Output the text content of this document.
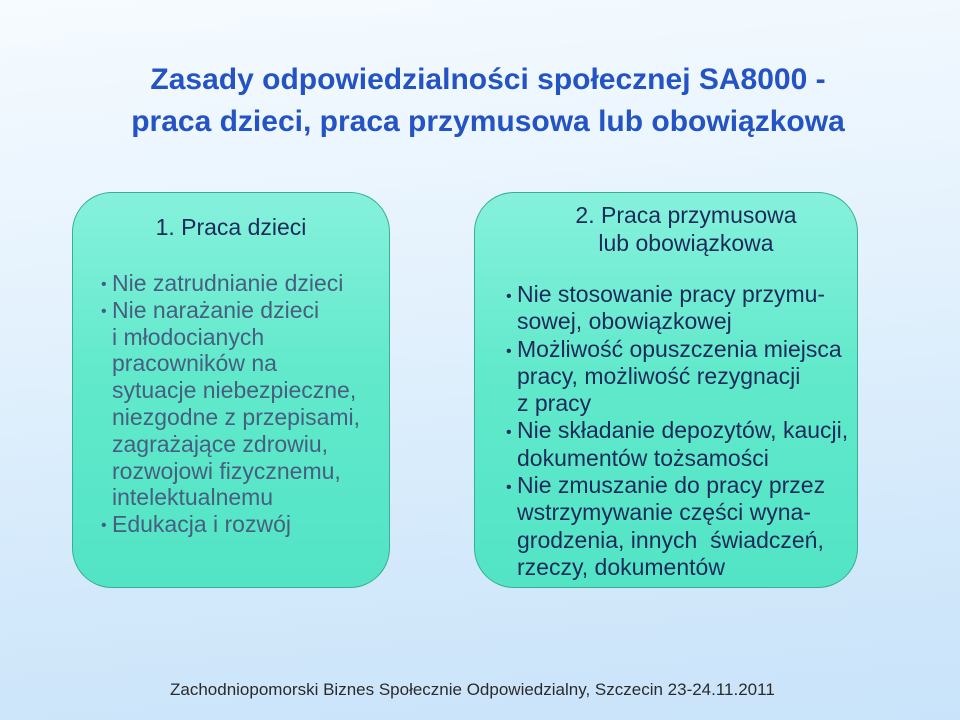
Zasady odpowiedzialności społecznej SA8000 -
praca dzieci, praca przymusowa lub obowiązkowa
1. Praca dzieci
• Nie zatrudnianie dzieci
• Nie narażanie dzieci
i młodocianych
pracowników na
sytuacje niebezpieczne,
niezgodne z przepisami,
zagrażające zdrowiu,
rozwojowi fizycznemu,
intelektualnemu
• Edukacja i rozwój
2. Praca przymusowa
lub obowiązkowa
• Nie stosowanie pracy przymu-
sowej, obowiązkowej
• Możliwość opuszczenia miejsca
pracy, możliwość rezygnacji
z pracy
• Nie składanie depozytów, kaucji,
dokumentów tożsamości
• Nie zmuszanie do pracy przez
wstrzymywanie części wyna-
grodzenia, innych  świadczeń,
rzeczy, dokumentów
Zachodniopomorski Biznes Społecznie Odpowiedzialny, Szczecin 23-24.11.2011
